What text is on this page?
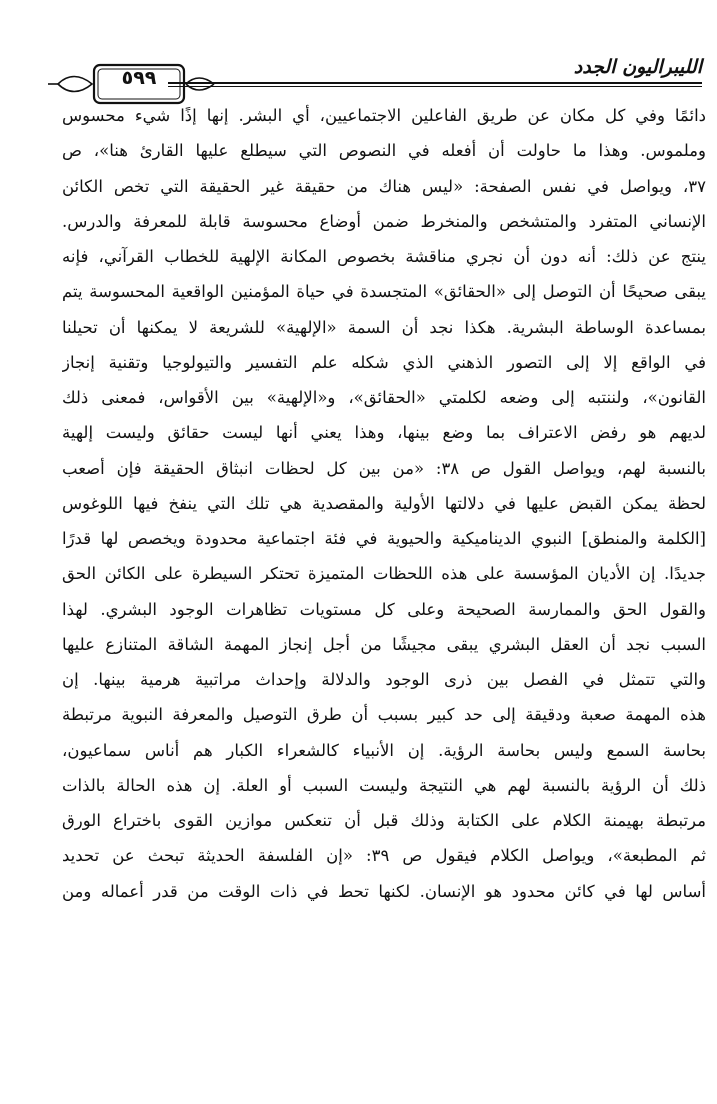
الليبراليون الجدد
٥٩٩
دائمًا وفي كل مكان عن طريق الفاعلين الاجتماعيين، أي البشر. إنها إذًا شيء محسوس
وملموس. وهذا ما حاولت أن أفعله في النصوص التي سيطلع عليها القارئ هنا»، ص
٣٧، ويواصل في نفس الصفحة: «ليس هناك من حقيقة غير الحقيقة التي تخص الكائن
الإنساني المتفرد والمتشخص والمنخرط ضمن أوضاع محسوسة قابلة للمعرفة والدرس.
ينتج عن ذلك: أنه دون أن نجري مناقشة بخصوص المكانة الإلهية للخطاب القرآني، فإنه
يبقى صحيحًا أن التوصل إلى «الحقائق» المتجسدة في حياة المؤمنين الواقعية المحسوسة يتم
بمساعدة الوساطة البشرية. هكذا نجد أن السمة «الإلهية» للشريعة لا يمكنها أن تحيلنا
في الواقع إلا إلى التصور الذهني الذي شكله علم التفسير والتيولوجيا وتقنية إنجاز
القانون»، ولننتبه إلى وضعه لكلمتي «الحقائق»، و«الإلهية» بين الأقواس، فمعنى ذلك
لديهم هو رفض الاعتراف بما وضع بينها، وهذا يعني أنها ليست حقائق وليست إلهية
بالنسبة لهم، ويواصل القول ص ٣٨: «من بين كل لحظات انبثاق الحقيقة فإن أصعب
لحظة يمكن القبض عليها في دلالتها الأولية والمقصدية هي تلك التي ينفخ فيها اللوغوس
[الكلمة والمنطق] النبوي الديناميكية والحيوية في فئة اجتماعية محدودة ويخصص لها قدرًا
جديدًا. إن الأديان المؤسسة على هذه اللحظات المتميزة تحتكر السيطرة على الكائن الحق
والقول الحق والممارسة الصحيحة وعلى كل مستويات تظاهرات الوجود البشري. لهذا
السبب نجد أن العقل البشري يبقى مجيشًا من أجل إنجاز المهمة الشاقة المتنازع عليها
والتي تتمثل في الفصل بين ذرى الوجود والدلالة وإحداث مراتبية هرمية بينها. إن
هذه المهمة صعبة ودقيقة إلى حد كبير بسبب أن طرق التوصيل والمعرفة النبوية مرتبطة
بحاسة السمع وليس بحاسة الرؤية. إن الأنبياء كالشعراء الكبار هم أناس سماعيون،
ذلك أن الرؤية بالنسبة لهم هي النتيجة وليست السبب أو العلة. إن هذه الحالة بالذات
مرتبطة بهيمنة الكلام على الكتابة وذلك قبل أن تنعكس موازين القوى باختراع الورق
ثم المطبعة»، ويواصل الكلام فيقول ص ٣٩: «إن الفلسفة الحديثة تبحث عن تحديد
أساس لها في كائن محدود هو الإنسان. لكنها تحط في ذات الوقت من قدر أعماله ومن
